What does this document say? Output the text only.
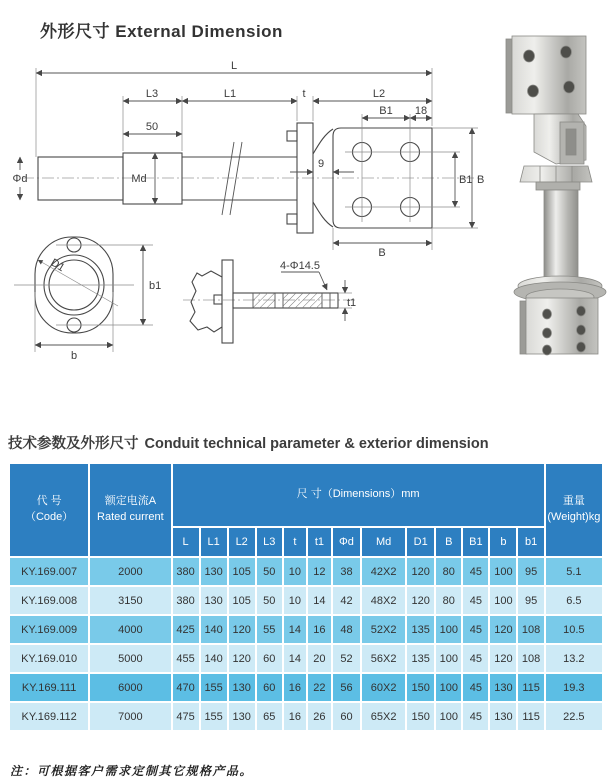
外形尺寸 External Dimension
L
L3	L1	t	L2
B1 18
50
Md
Φd
9
B1 B
B
D1
b1
b
4-Φ14.5
t1
技术参数及外形尺寸 Conduit technical parameter & exterior dimension
代 号
（Code）	额定电流A
Rated current	尺 寸（Dimensions）mm													重量
(Weight)kg
		L	L1	L2	L3	t	t1	Φd	Md	D1	B	B1	b	b1	
KY.169.007	2000	380	130	105	50	10	12	38	42X2	120	80	45	100	95	5.1
KY.169.008	3150	380	130	105	50	10	14	42	48X2	120	80	45	100	95	6.5
KY.169.009	4000	425	140	120	55	14	16	48	52X2	135	100	45	120	108	10.5
KY.169.010	5000	455	140	120	60	14	20	52	56X2	135	100	45	120	108	13.2
KY.169.111	6000	470	155	130	60	16	22	56	60X2	150	100	45	130	115	19.3
KY.169.112	7000	475	155	130	65	16	26	60	65X2	150	100	45	130	115	22.5

注：可根据客户需求定制其它规格产品。
